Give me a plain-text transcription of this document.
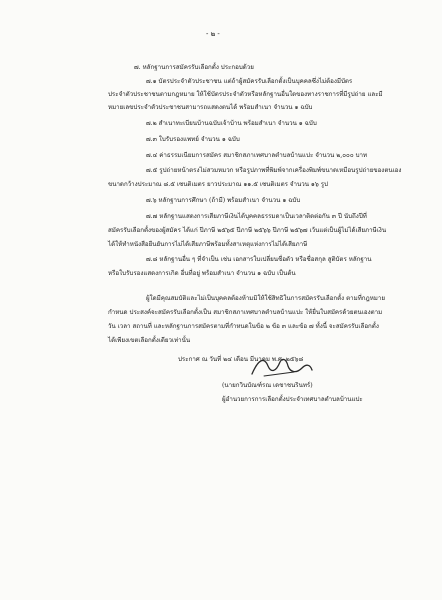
- ๒ -
๗. หลักฐานการสมัครรับเลือกตั้ง ประกอบด้วย
๗.๑ บัตรประจำตัวประชาชน แต่ถ้าผู้สมัครรับเลือกตั้งเป็นบุคคลซึ่งไม่ต้องมีบัตร
ประจำตัวประชาชนตามกฎหมาย ให้ใช้บัตรประจำตัวหรือหลักฐานอื่นใดของทางราชการที่มีรูปถ่าย และมี
หมายเลขประจำตัวประชาชนสามารถแสดงตนได้ พร้อมสำเนา จำนวน ๑ ฉบับ
๗.๒ สำเนาทะเบียนบ้านฉบับเจ้าบ้าน พร้อมสำเนา จำนวน ๑ ฉบับ
๗.๓ ใบรับรองแพทย์ จำนวน ๑ ฉบับ
๗.๔ ค่าธรรมเนียมการสมัคร สมาชิกสภาเทศบาลตำบลบ้านแปะ จำนวน ๒,๐๐๐ บาท
๗.๕ รูปถ่ายหน้าตรงไม่สวมหมวก หรือรูปภาพที่พิมพ์จากเครื่องพิมพ์ขนาดเหมือนรูปถ่ายของตนเอง
ขนาดกว้างประมาณ ๘.๕ เซนติเมตร ยาวประมาณ ๑๑.๕ เซนติเมตร จำนวน ๑๖ รูป
๗.๖ หลักฐานการศึกษา (ถ้ามี) พร้อมสำเนา จำนวน ๑ ฉบับ
๗.๗ หลักฐานแสดงการเสียภาษีเงินได้บุคคลธรรมดาเป็นเวลาติดต่อกัน ๓ ปี นับถึงปีที่
สมัครรับเลือกตั้งของผู้สมัคร ได้แก่ ปีภาษี ๒๕๖๕ ปีภาษี ๒๕๖๖ ปีภาษี ๒๕๖๗ เว้นแต่เป็นผู้ไม่ได้เสียภาษีเงิน
ได้ให้ทำหนังสือยืนยันการไม่ได้เสียภาษีพร้อมทั้งสาเหตุแห่งการไม่ได้เสียภาษี
๗.๘ หลักฐานอื่น ๆ ที่จำเป็น เช่น เอกสารใบเปลี่ยนชื่อตัว หรือชื่อสกุล สูติบัตร หลักฐาน
หรือใบรับรองแสดงการเกิด อื่นที่อยู่ พร้อมสำเนา จำนวน ๑ ฉบับ เป็นต้น
ผู้ใดมีคุณสมบัติและไม่เป็นบุคคลต้องห้ามมิให้ใช้สิทธิในการสมัครรับเลือกตั้ง ตามที่กฎหมาย
กำหนด ประสงค์จะสมัครรับเลือกตั้งเป็น สมาชิกสภาเทศบาลตำบลบ้านแปะ ให้ยื่นใบสมัครด้วยตนเองตาม
วัน เวลา สถานที่ และหลักฐานการสมัครตามที่กำหนดในข้อ ๒ ข้อ ๓ และข้อ ๗ ทั้งนี้ จะสมัครรับเลือกตั้ง
ได้เพียงเขตเลือกตั้งเดียวเท่านั้น
ประกาศ ณ วันที่ ๒๔ เดือน มีนาคม พ.ศ. ๒๕๖๘
(นายกวินบัณฑ์รณ เดชาชนรินทร์)
ผู้อำนวยการการเลือกตั้งประจำเทศบาลตำบลบ้านแปะ
